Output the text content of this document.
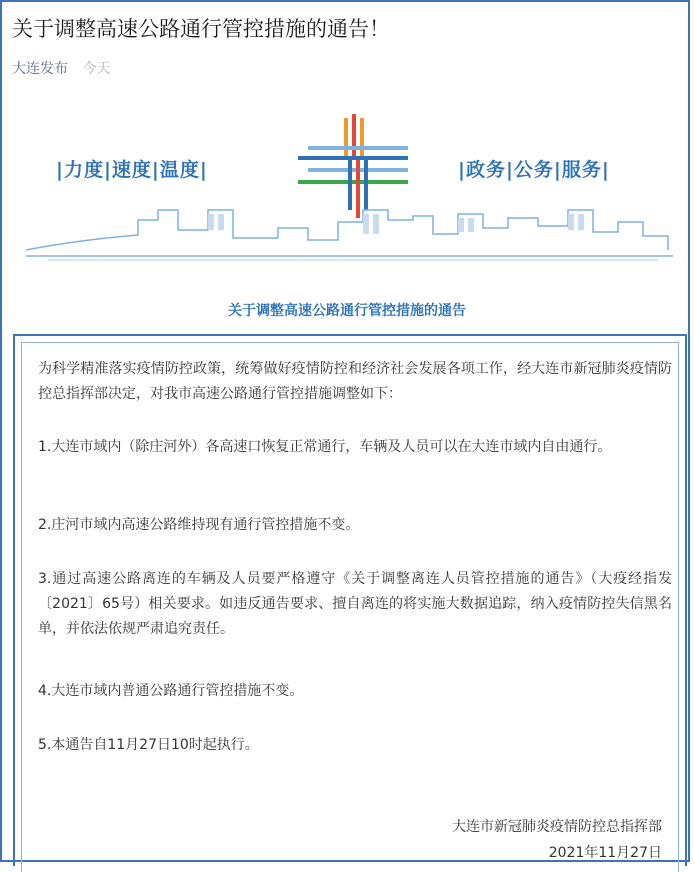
关于调整高速公路通行管控措施的通告！
大连发布 今天
|力度|速度|温度|	|政务|公务|服务|
关于调整高速公路通行管控措施的通告

为科学精准落实疫情防控政策，统筹做好疫情防控和经济社会发展各项工作，经大连市新冠肺炎疫情防控总指挥部决定，对我市高速公路通行管控措施调整如下：

1.大连市域内（除庄河外）各高速口恢复正常通行，车辆及人员可以在大连市域内自由通行。

2.庄河市域内高速公路维持现有通行管控措施不变。

3.通过高速公路离连的车辆及人员要严格遵守《关于调整离连人员管控措施的通告》（大疫经指发〔2021〕65号）相关要求。如违反通告要求、擅自离连的将实施大数据追踪，纳入疫情防控失信黑名单，并依法依规严肃追究责任。

4.大连市域内普通公路通行管控措施不变。

5.本通告自11月27日10时起执行。

大连市新冠肺炎疫情防控总指挥部
2021年11月27日
